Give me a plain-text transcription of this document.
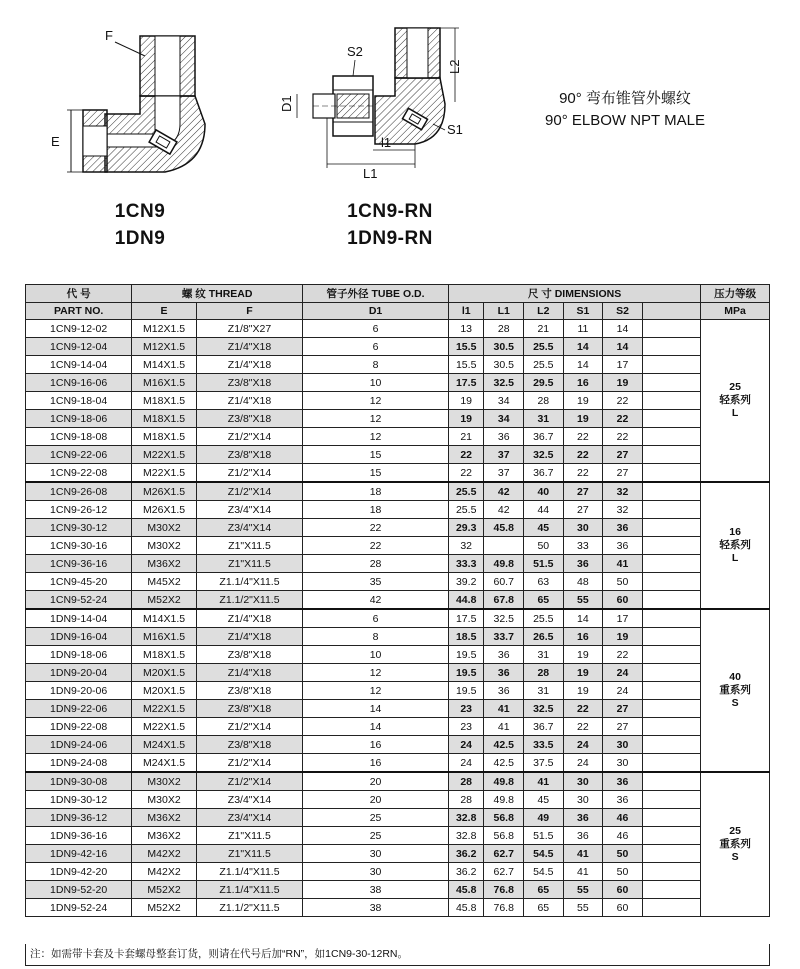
F
E
S2
L2
D1
S1
l1
L1
1CN9
1DN9
1CN9-RN
1DN9-RN
90° 弯布锥管外螺纹
90° ELBOW NPT MALE
代 号	螺 纹 THREAD		管子外径 TUBE O.D.	尺 寸 DIMENSIONS						压力等级
PART NO.	E	F	D1	l1	L1	L2	S1	S2		MPa
1CN9-12-02	M12X1.5	Z1/8"X27	6	13	28	21	11	14		25
轻系列
L

1CN9-12-04	M12X1.5	Z1/4"X18	6	15.5	30.5	25.5	14	14		
1CN9-14-04	M14X1.5	Z1/4"X18	8	15.5	30.5	25.5	14	17		
1CN9-16-06	M16X1.5	Z3/8"X18	10	17.5	32.5	29.5	16	19		
1CN9-18-04	M18X1.5	Z1/4"X18	12	19	34	28	19	22		
1CN9-18-06	M18X1.5	Z3/8"X18	12	19	34	31	19	22		
1CN9-18-08	M18X1.5	Z1/2"X14	12	21	36	36.7	22	22		
1CN9-22-06	M22X1.5	Z3/8"X18	15	22	37	32.5	22	27		
1CN9-22-08	M22X1.5	Z1/2"X14	15	22	37	36.7	22	27		
1CN9-26-08	M26X1.5	Z1/2"X14	18	25.5	42	40	27	32		16
轻系列
L

1CN9-26-12	M26X1.5	Z3/4"X14	18	25.5	42	44	27	32		
1CN9-30-12	M30X2	Z3/4"X14	22	29.3	45.8	45	30	36		
1CN9-30-16	M30X2	Z1"X11.5	22	32		50	33	36		
1CN9-36-16	M36X2	Z1"X11.5	28	33.3	49.8	51.5	36	41		
1CN9-45-20	M45X2	Z1.1/4"X11.5	35	39.2	60.7	63	48	50		
1CN9-52-24	M52X2	Z1.1/2"X11.5	42	44.8	67.8	65	55	60		
1DN9-14-04	M14X1.5	Z1/4"X18	6	17.5	32.5	25.5	14	17		40
重系列
S

1DN9-16-04	M16X1.5	Z1/4"X18	8	18.5	33.7	26.5	16	19		
1DN9-18-06	M18X1.5	Z3/8"X18	10	19.5	36	31	19	22		
1DN9-20-04	M20X1.5	Z1/4"X18	12	19.5	36	28	19	24		
1DN9-20-06	M20X1.5	Z3/8"X18	12	19.5	36	31	19	24		
1DN9-22-06	M22X1.5	Z3/8"X18	14	23	41	32.5	22	27		
1DN9-22-08	M22X1.5	Z1/2"X14	14	23	41	36.7	22	27		
1DN9-24-06	M24X1.5	Z3/8"X18	16	24	42.5	33.5	24	30		
1DN9-24-08	M24X1.5	Z1/2"X14	16	24	42.5	37.5	24	30		
1DN9-30-08	M30X2	Z1/2"X14	20	28	49.8	41	30	36		25
重系列
S

1DN9-30-12	M30X2	Z3/4"X14	20	28	49.8	45	30	36		
1DN9-36-12	M36X2	Z3/4"X14	25	32.8	56.8	49	36	46		
1DN9-36-16	M36X2	Z1"X11.5	25	32.8	56.8	51.5	36	46		
1DN9-42-16	M42X2	Z1"X11.5	30	36.2	62.7	54.5	41	50		
1DN9-42-20	M42X2	Z1.1/4"X11.5	30	36.2	62.7	54.5	41	50		
1DN9-52-20	M52X2	Z1.1/4"X11.5	38	45.8	76.8	65	55	60		
1DN9-52-24	M52X2	Z1.1/2"X11.5	38	45.8	76.8	65	55	60		
注：如需带卡套及卡套螺母整套订货，则请在代号后加“RN”，如1CN9-30-12RN。
